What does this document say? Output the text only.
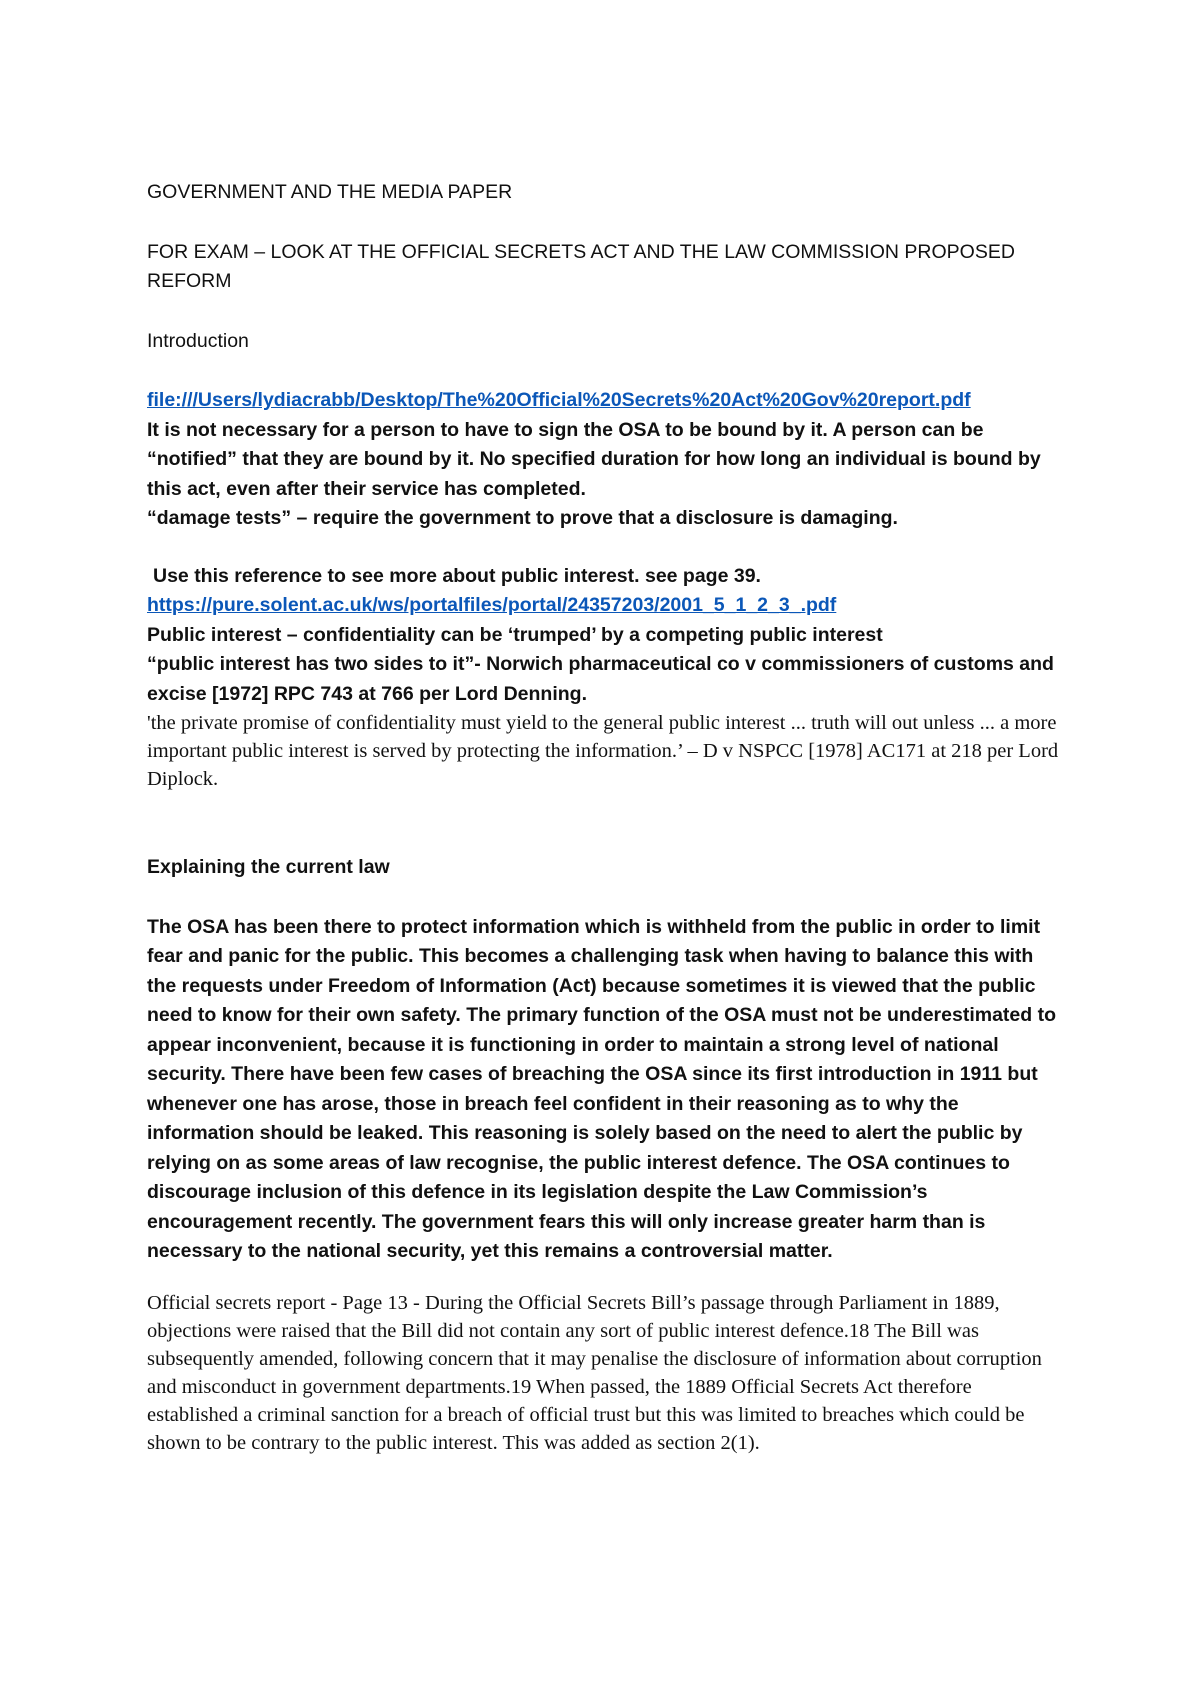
GOVERNMENT AND THE MEDIA PAPER

FOR EXAM – LOOK AT THE OFFICIAL SECRETS ACT AND THE LAW COMMISSION PROPOSED REFORM

Introduction

file:///Users/lydiacrabb/Desktop/The%20Official%20Secrets%20Act%20Gov%20report.pdf

It is not necessary for a person to have to sign the OSA to be bound by it. A person can be “notified” that they are bound by it. No specified duration for how long an individual is bound by this act, even after their service has completed.

“damage tests” – require the government to prove that a disclosure is damaging.

Use this reference to see more about public interest. see page 39.

https://pure.solent.ac.uk/ws/portalfiles/portal/24357203/2001_5_1_2_3_.pdf

Public interest – confidentiality can be ‘trumped’ by a competing public interest

“public interest has two sides to it”- Norwich pharmaceutical co v commissioners of customs and excise [1972] RPC 743 at 766 per Lord Denning.

'the private promise of confidentiality must yield to the general public interest ... truth will out unless ... a more important public interest is served by protecting the information.’ – D v NSPCC [1978] AC171 at 218 per Lord Diplock.

Explaining the current law

The OSA has been there to protect information which is withheld from the public in order to limit fear and panic for the public. This becomes a challenging task when having to balance this with the requests under Freedom of Information (Act) because sometimes it is viewed that the public need to know for their own safety. The primary function of the OSA must not be underestimated to appear inconvenient, because it is functioning in order to maintain a strong level of national security. There have been few cases of breaching the OSA since its first introduction in 1911 but whenever one has arose, those in breach feel confident in their reasoning as to why the information should be leaked. This reasoning is solely based on the need to alert the public by relying on as some areas of law recognise, the public interest defence. The OSA continues to discourage inclusion of this defence in its legislation despite the Law Commission’s encouragement recently. The government fears this will only increase greater harm than is necessary to the national security, yet this remains a controversial matter.

Official secrets report - Page 13 - During the Official Secrets Bill’s passage through Parliament in 1889, objections were raised that the Bill did not contain any sort of public interest defence.18 The Bill was subsequently amended, following concern that it may penalise the disclosure of information about corruption and misconduct in government departments.19 When passed, the 1889 Official Secrets Act therefore established a criminal sanction for a breach of official trust but this was limited to breaches which could be shown to be contrary to the public interest. This was added as section 2(1).
